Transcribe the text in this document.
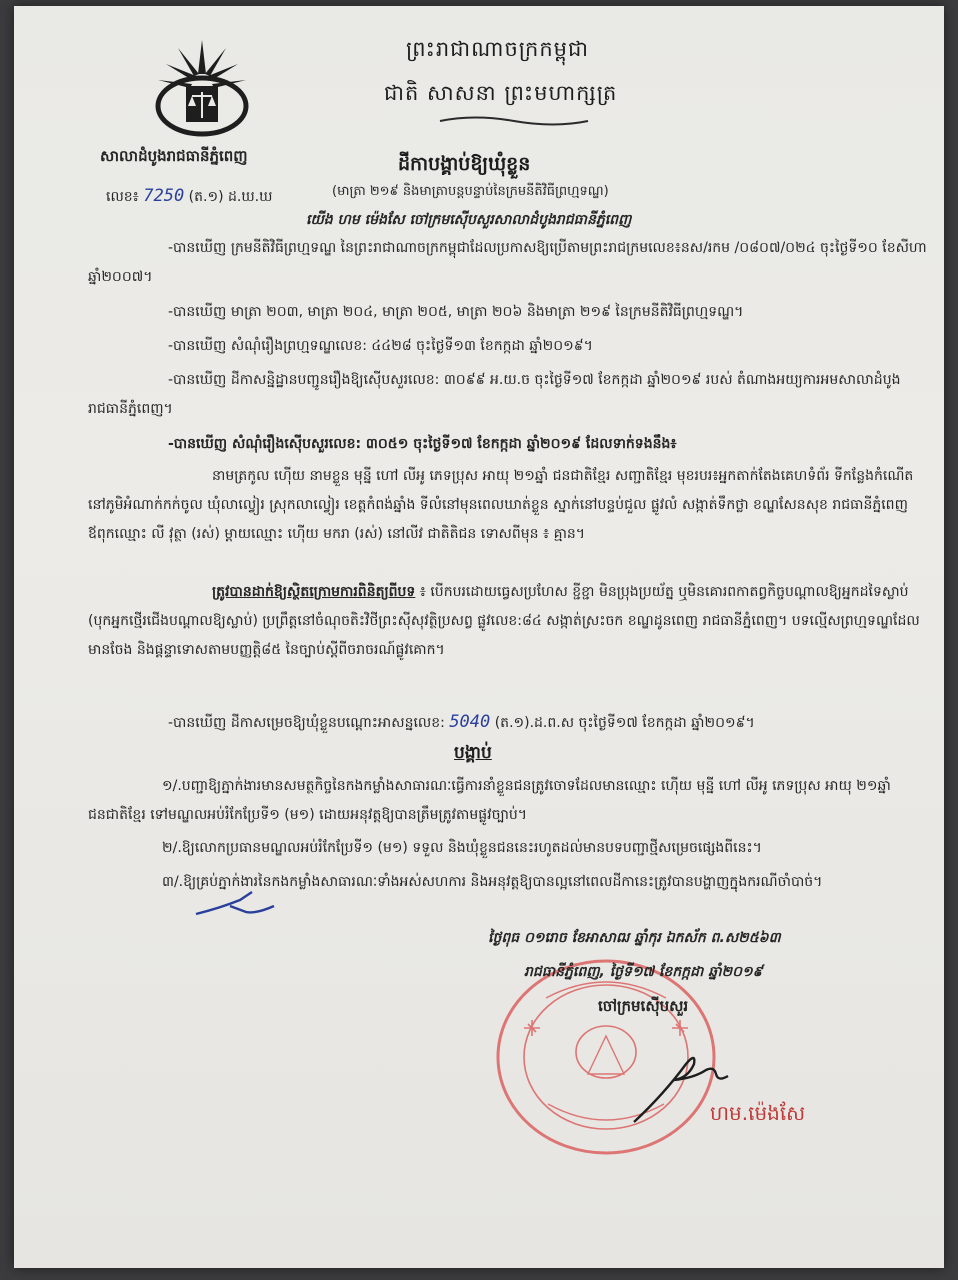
ព្រះរាជាណាចក្រកម្ពុជា
ជាតិ សាសនា ព្រះមហាក្សត្រ
សាលាដំបូងរាជធានីភ្នំពេញ	ដីកាបង្គាប់ឱ្យឃុំខ្លួន
(មាត្រា ២១៩ និងមាត្រាបន្តបន្ទាប់នៃក្រមនីតិវិធីព្រហ្មទណ្ឌ)
លេខ៖ 7250 (ត.១) ដ.ឃ.ឃ
យើង ហម ម៉េងសែ ចៅក្រមស៊ើបសួរសាលាដំបូងរាជធានីភ្នំពេញ
-បានឃើញ ក្រមនីតិវិធីព្រហ្មទណ្ឌ នៃព្រះរាជាណាចក្រកម្ពុជាដែលប្រកាសឱ្យប្រើតាមព្រះរាជក្រមលេខ៖នស/រកម /០៨០៧/០២៤ ចុះថ្ងៃទី១០ ខែសីហា ឆ្នាំ២០០៧។
-បានឃើញ មាត្រា ២០៣, មាត្រា ២០៤, មាត្រា ២០៥, មាត្រា ២០៦ និងមាត្រា ២១៩ នៃក្រមនីតិវិធីព្រហ្មទណ្ឌ។
-បានឃើញ សំណុំរឿងព្រហ្មទណ្ឌលេខ: ៤៤២៨ ចុះថ្ងៃទី១៣ ខែកក្កដា ឆ្នាំ២០១៩។
-បានឃើញ ដីកាសន្និដ្ឋានបញ្ជូនរឿងឱ្យស៊ើបសួរលេខ: ៣០៩៩ អ.យ.ច ចុះថ្ងៃទី១៧ ខែកក្កដា ឆ្នាំ២០១៩ របស់ តំណាងអយ្យការអមសាលាដំបូងរាជធានីភ្នំពេញ។
-បានឃើញ សំណុំរឿងស៊ើបសួរលេខ: ៣០៥១ ចុះថ្ងៃទី១៧ ខែកក្កដា ឆ្នាំ២០១៩ ដែលទាក់ទងនឹង៖
នាមត្រកូល ហ៊ើយ នាមខ្លួន មុន្នី ហៅ លីអូ ភេទប្រុស អាយុ ២១ឆ្នាំ ជនជាតិខ្មែរ សញ្ជាតិខ្មែរ មុខរបរ៖អ្នកតាក់តែងគេហទំព័រ ទីកន្លែងកំណើតនៅភូមិអំណាក់កក់ចូល ឃុំលាល្វៀរ ស្រុកលាល្វៀរ ខេត្តកំពង់ឆ្នាំង ទីលំនៅមុនពេលឃាត់ខ្លួន ស្នាក់នៅបន្ទប់ជួល ផ្លូវលំ សង្កាត់ទឹកថ្លា ខណ្ឌសែនសុខ រាជធានីភ្នំពេញ ឪពុកឈ្មោះ លី វុត្ថា (រស់) ម្តាយឈ្មោះ ហ៊ើយ មករា (រស់) នៅលីវ ជាតិតិជន ទោសពីមុន ៖ គ្មាន។
ត្រូវបានដាក់ឱ្យស្ថិតក្រោមការពិនិត្យពីបទ ៖ បើកបរដោយធ្វេសប្រហែស ខ្ជីខ្ជា មិនប្រុងប្រយ័ត្ន ឬមិនគោរពកាតព្វកិច្ចបណ្តាលឱ្យអ្នកដទៃស្លាប់ (បុកអ្នកថ្មើរជើងបណ្តាលឱ្យស្លាប់) ប្រព្រឹត្តនៅចំណុចតិះវិថីព្រះស៊ីសុវត្ថិប្រសព្វ ផ្លូវលេខ:៨៤ សង្កាត់ស្រះចក ខណ្ឌដូនពេញ រាជធានីភ្នំពេញ។ បទល្មើសព្រហ្មទណ្ឌដែលមានចែង និងផ្តន្ទាទោសតាមបញ្ញត្តិ៨៥ នៃច្បាប់ស្តីពីចរាចរណ៍ផ្លូវគោក។
-បានឃើញ ដីកាសម្រេចឱ្យឃុំខ្លួនបណ្តោះអាសន្នលេខ: 5040 (ត.១).ដ.ព.ស ចុះថ្ងៃទី១៧ ខែកក្កដា ឆ្នាំ២០១៩។
បង្គាប់
១/.បញ្ជាឱ្យភ្នាក់ងារមានសមត្ថកិច្ចនៃកងកម្លាំងសាធារណៈធ្វើការនាំខ្លួនជនត្រូវចោទដែលមានឈ្មោះ ហ៊ើយ មុន្នី ហៅ លីអូ ភេទប្រុស អាយុ ២១ឆ្នាំ ជនជាតិខ្មែរ ទៅមណ្ឌលអប់រំកែប្រែទី១ (ម១) ដោយអនុវត្តឱ្យបានត្រឹមត្រូវតាមផ្លូវច្បាប់។
២/.ឱ្យលោកប្រធានមណ្ឌលអប់រំកែប្រែទី១ (ម១) ទទួល និងឃុំខ្លួនជននេះរហូតដល់មានបទបញ្ជាថ្មីសម្រេចផ្សេងពីនេះ។
៣/.ឱ្យគ្រប់ភ្នាក់ងារនៃកងកម្លាំងសាធារណៈទាំងអស់សហការ និងអនុវត្តឱ្យបានល្អនៅពេលដីកានេះត្រូវបានបង្ហាញក្នុងករណីចាំបាច់។
ថ្ងៃពុធ ០១រោច ខែអាសាឍ ឆ្នាំកុរ ឯកស័ក ព.ស២៥៦៣
រាជធានីភ្នំពេញ, ថ្ងៃទី១៧ ខែកក្កដា ឆ្នាំ២០១៩
ចៅក្រមស៊ើបសួរ
ហម.ម៉េងសែ
